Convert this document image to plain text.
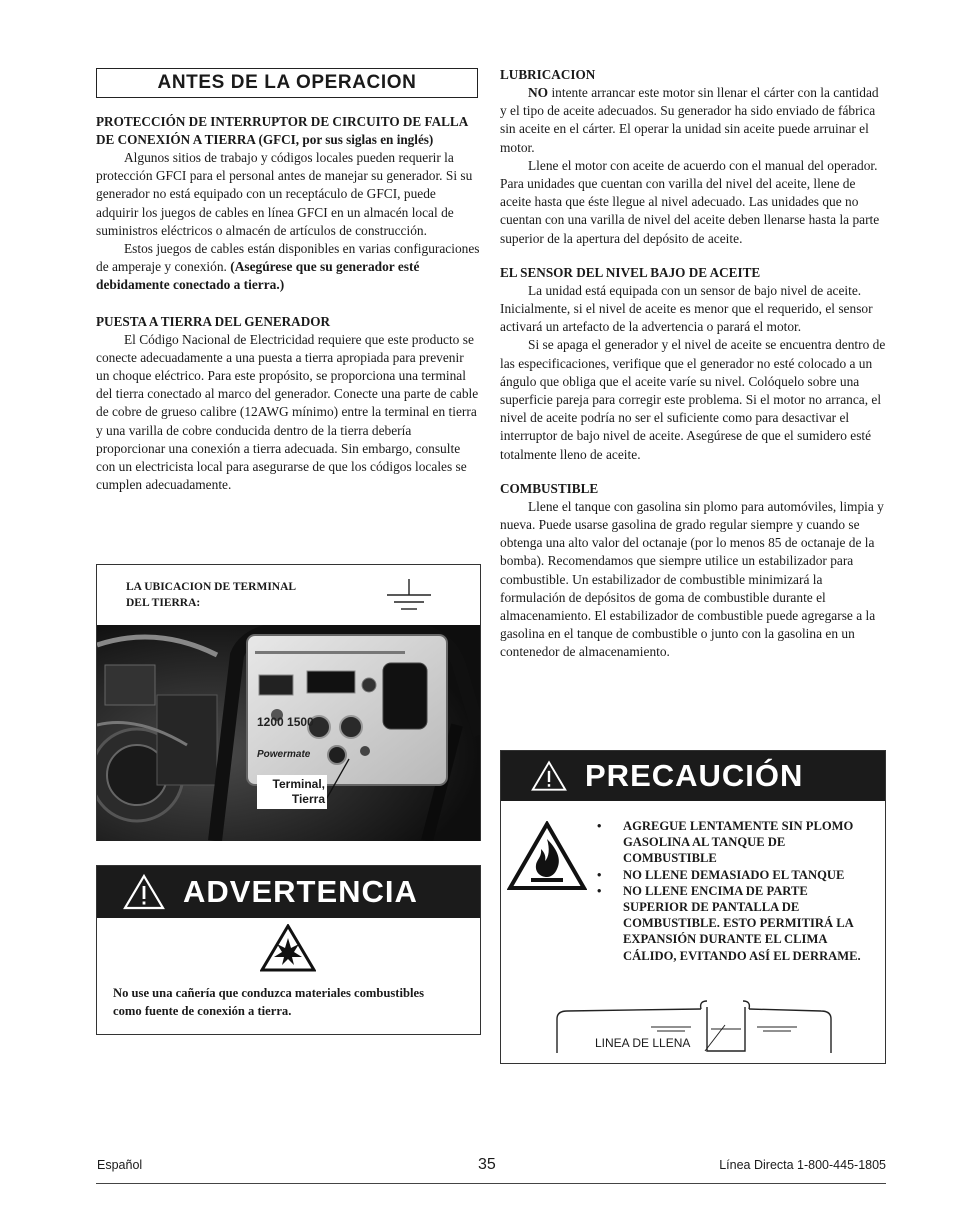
ANTES DE LA OPERACION

PROTECCIÓN DE INTERRUPTOR DE CIRCUITO DE FALLA DE CONEXIÓN A TIERRA (GFCI, por sus siglas en inglés)

Algunos sitios de trabajo y códigos locales pueden requerir la protección GFCI para el personal antes de manejar su generador. Si su generador no está equipado con un receptáculo de GFCI, puede adquirir los juegos de cables en línea GFCI en un almacén local de suministros eléctricos o almacén de artículos de construcción.

Estos juegos de cables están disponibles en varias configuraciones de amperaje y conexión. (Asegúrese que su generador esté debidamente conectado a tierra.)

PUESTA A TIERRA DEL GENERADOR

El Código Nacional de Electricidad requiere que este producto se conecte adecuadamente a una puesta a tierra apropiada para prevenir un choque eléctrico. Para este propósito, se proporciona una terminal del tierra conectado al marco del generador. Conecte una parte de cable de cobre de grueso calibre (12AWG mínimo) entre la terminal en tierra y una varilla de cobre conducida dentro de la tierra debería proporcionar una conexión a tierra adecuada. Sin embargo, consulte con un electricista local para asegurarse de que los códigos locales se cumplen adecuadamente.

LA UBICACION DE TERMINAL
DEL TIERRA:
1200 1500
Powermate
Terminal,
Tierra
ADVERTENCIA

No use una cañería que conduzca materiales combustibles como fuente de conexión a tierra.

LUBRICACION

NO intente arrancar este motor sin llenar el cárter con la cantidad y el tipo de aceite adecuados. Su generador ha sido enviado de fábrica sin aceite en el cárter. El operar la unidad sin aceite puede arruinar el motor.

Llene el motor con aceite de acuerdo con el manual del operador. Para unidades que cuentan con varilla del nivel del aceite, llene de aceite hasta que éste llegue al nivel adecuado. Las unidades que no cuentan con una varilla de nivel del aceite deben llenarse hasta la parte superior de la apertura del depósito de aceite.

EL SENSOR DEL NIVEL BAJO DE ACEITE

La unidad está equipada con un sensor de bajo nivel de aceite. Inicialmente, si el nivel de aceite es menor que el requerido, el sensor activará un artefacto de la advertencia o parará el motor.

Si se apaga el generador y el nivel de aceite se encuentra dentro de las especificaciones, verifique que el generador no esté colocado a un ángulo que obliga que el aceite varíe su nivel. Colóquelo sobre una superficie pareja para corregir este problema. Si el motor no arranca, el nivel de aceite podría no ser el suficiente como para desactivar el interruptor de bajo nivel de aceite. Asegúrese de que el sumidero esté totalmente lleno de aceite.

COMBUSTIBLE

Llene el tanque con gasolina sin plomo para automóviles, limpia y nueva. Puede usarse gasolina de grado regular siempre y cuando se obtenga una alto valor del octanaje (por lo menos 85 de octanaje de la bomba). Recomendamos que siempre utilice un estabilizador para combustible. Un estabilizador de combustible minimizará la formulación de depósitos de goma de combustible durante el almacenamiento. El estabilizador de combustible puede agregarse a la gasolina en el tanque de combustible o junto con la gasolina en un contenedor de almacenamiento.

PRECAUCIÓN
• AGREGUE LENTAMENTE SIN PLOMO GASOLINA AL TANQUE DE COMBUSTIBLE
• NO LLENE DEMASIADO EL TANQUE
• NO LLENE ENCIMA DE PARTE SUPERIOR DE PANTALLA DE COMBUSTIBLE. ESTO PERMITIRÁ LA EXPANSIÓN DURANTE EL CLIMA CÁLIDO, EVITANDO ASÍ EL DERRAME.
LINEA DE LLENA
Español	35	Línea Directa 1-800-445-1805
